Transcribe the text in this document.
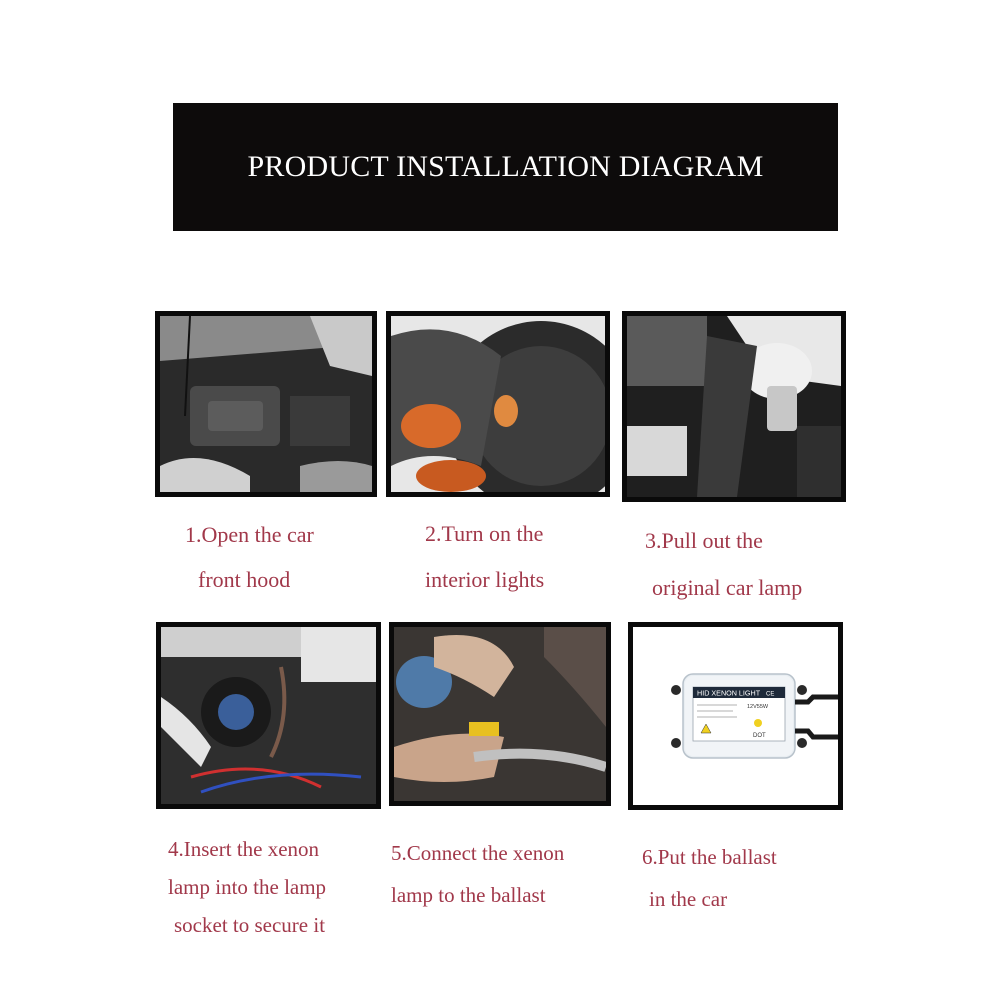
PRODUCT INSTALLATION DIAGRAM
HID XENON LIGHT CE
12V55W
DOT
1.Open the car
front hood
2.Turn on the
interior lights
3.Pull out the
original car lamp
4.Insert the xenon
lamp into the lamp
socket to secure it
5.Connect the xenon
lamp to the ballast
6.Put the ballast
in the car
